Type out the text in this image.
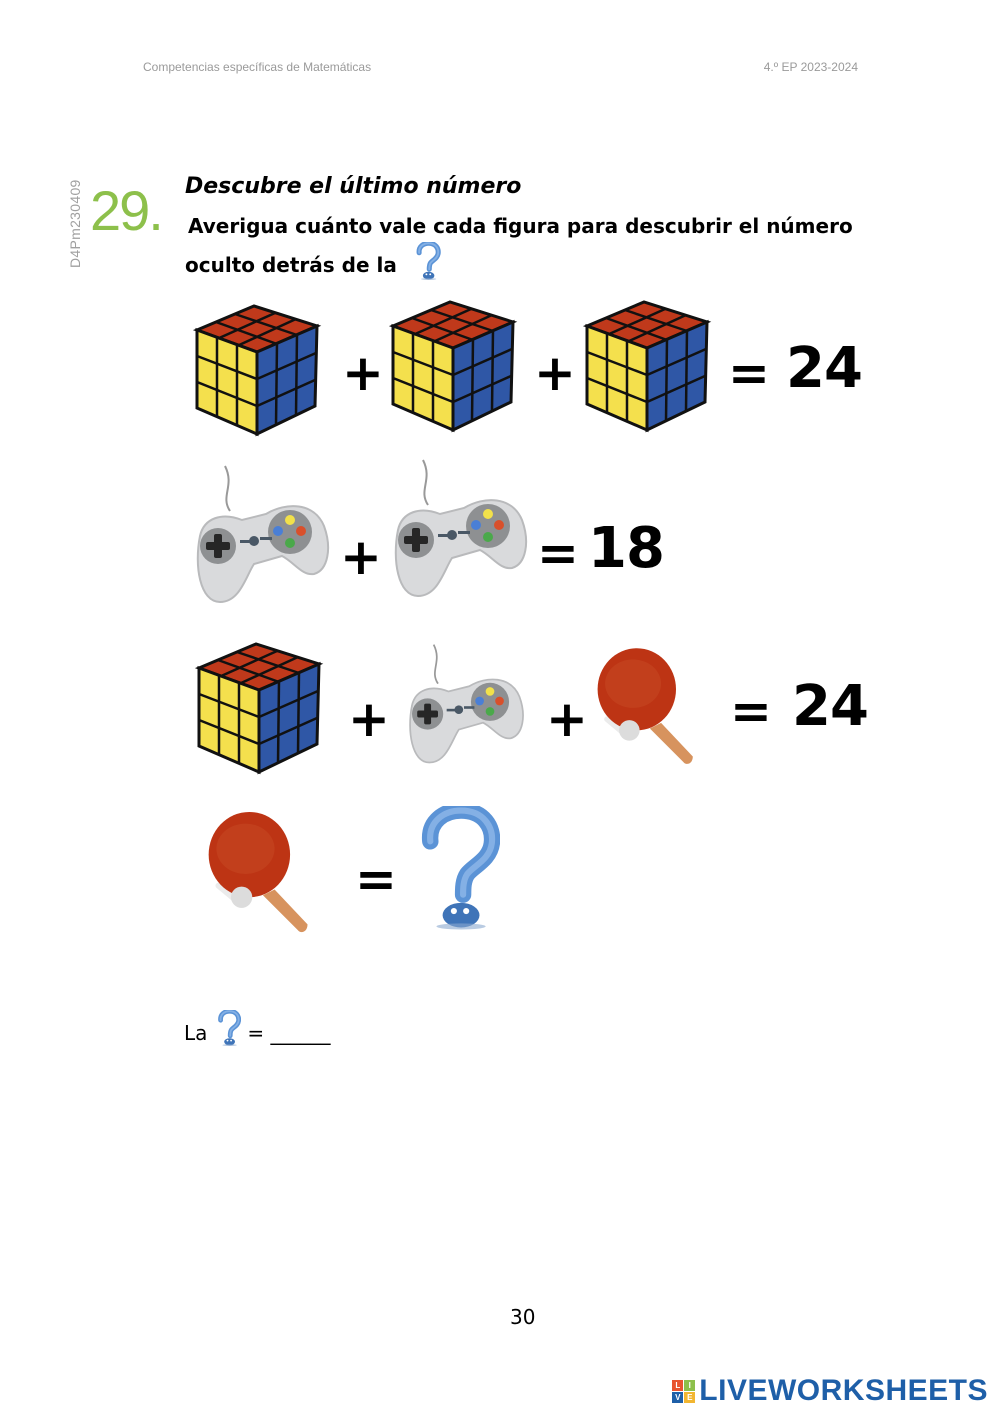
Competencias específicas de Matemáticas	4.º EP 2023-2024
D4Pm230409 29. Descubre el último número
Averigua cuánto vale cada figura para descubrir el número
oculto detrás de la
+	+	= 24
+	= 18
+	+	= 24
=
La = ______
30
L	I
V E LIVEWORKSHEETS
